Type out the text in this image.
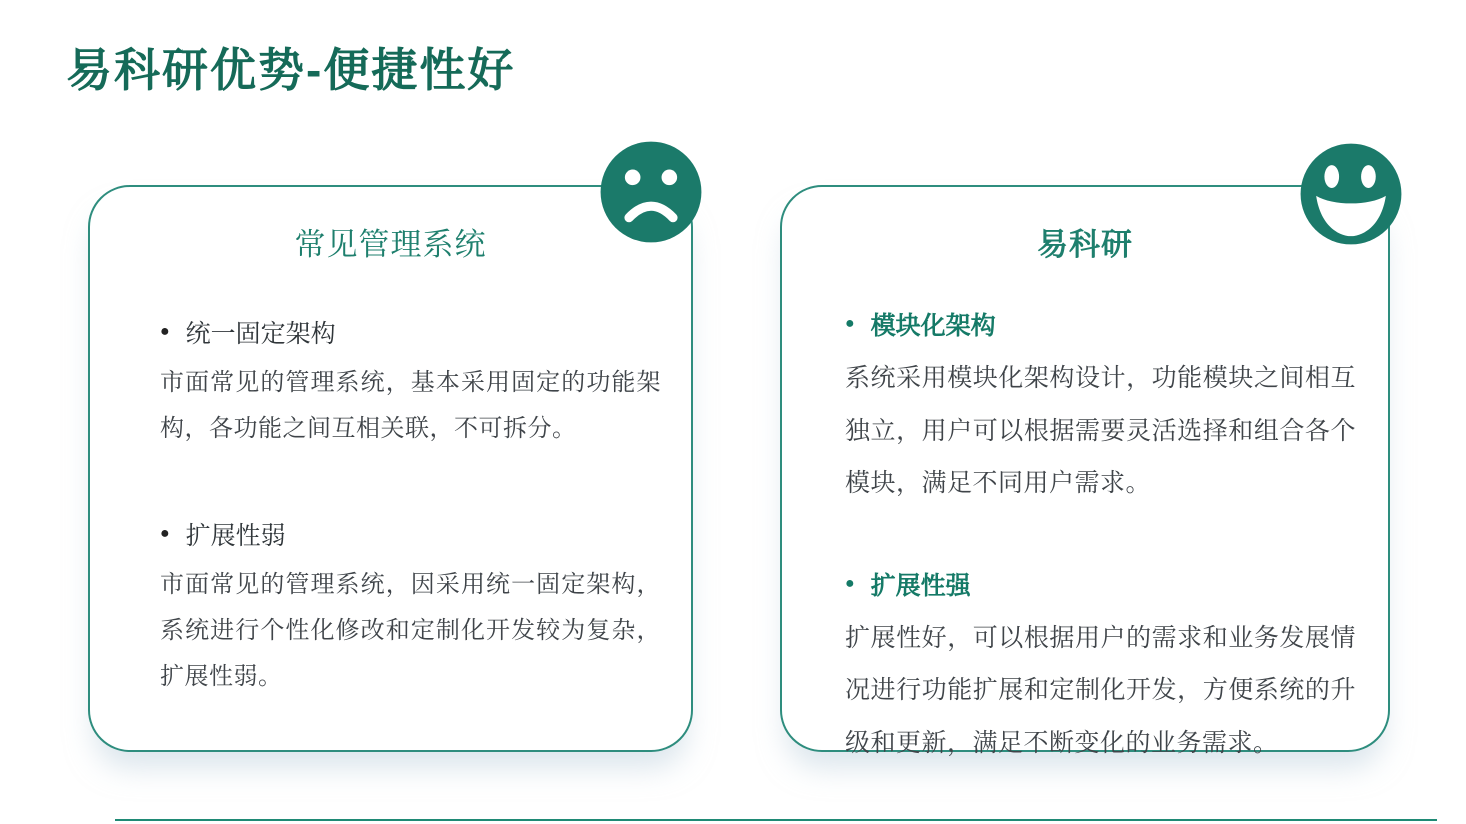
易科研优势-便捷性好
常见管理系统
● 统一固定架构
市面常见的管理系统，基本采用固定的功能架构，各功能之间互相关联，不可拆分。
● 扩展性弱
市面常见的管理系统，因采用统一固定架构，系统进行个性化修改和定制化开发较为复杂，扩展性弱。
易科研
● 模块化架构
系统采用模块化架构设计，功能模块之间相互独立，用户可以根据需要灵活选择和组合各个模块，满足不同用户需求。
● 扩展性强
扩展性好，可以根据用户的需求和业务发展情况进行功能扩展和定制化开发，方便系统的升级和更新，满足不断变化的业务需求。
